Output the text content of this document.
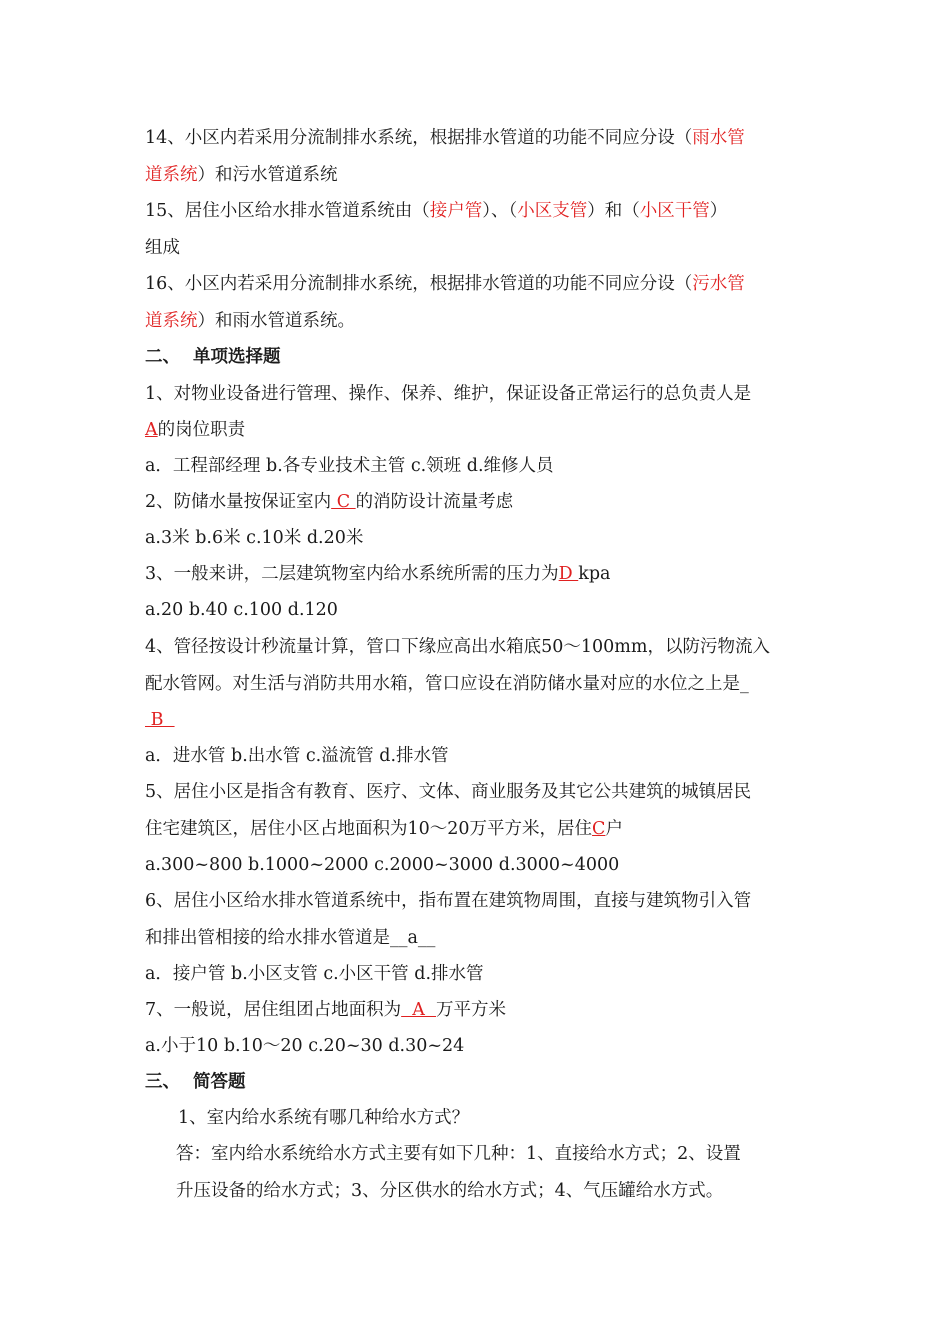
14、小区内若采用分流制排水系统，根据排水管道的功能不同应分设（雨水管
道系统）和污水管道系统
15、居住小区给水排水管道系统由（接户管）、（小区支管）和（小区干管）
组成
16、小区内若采用分流制排水系统，根据排水管道的功能不同应分设（污水管
道系统）和雨水管道系统。
二、 单项选择题
1、对物业设备进行管理、操作、保养、维护，保证设备正常运行的总负责人是
A的岗位职责
a．工程部经理 b.各专业技术主管 c.领班 d.维修人员
2、防储水量按保证室内 C 的消防设计流量考虑
a.3米 b.6米 c.10米 d.20米
3、一般来讲，二层建筑物室内给水系统所需的压力为D kpa
a.20 b.40 c.100 d.120
4、管径按设计秒流量计算，管口下缘应高出水箱底50～100mm，以防污物流入
配水管网。对生活与消防共用水箱，管口应设在消防储水量对应的水位之上是_
B
a．进水管 b.出水管 c.溢流管 d.排水管
5、居住小区是指含有教育、医疗、文体、商业服务及其它公共建筑的城镇居民
住宅建筑区，居住小区占地面积为10～20万平方米，居住C户
a.300~800 b.1000~2000 c.2000~3000 d.3000~4000
6、居住小区给水排水管道系统中，指布置在建筑物周围，直接与建筑物引入管
和排出管相接的给水排水管道是__a__
a．接户管 b.小区支管 c.小区干管 d.排水管
7、一般说，居住组团占地面积为  A  万平方米
a.小于10 b.10～20 c.20~30 d.30~24
三、 简答题
1、室内给水系统有哪几种给水方式？
答：室内给水系统给水方式主要有如下几种：1、直接给水方式；2、设置
升压设备的给水方式；3、分区供水的给水方式；4、气压罐给水方式。
